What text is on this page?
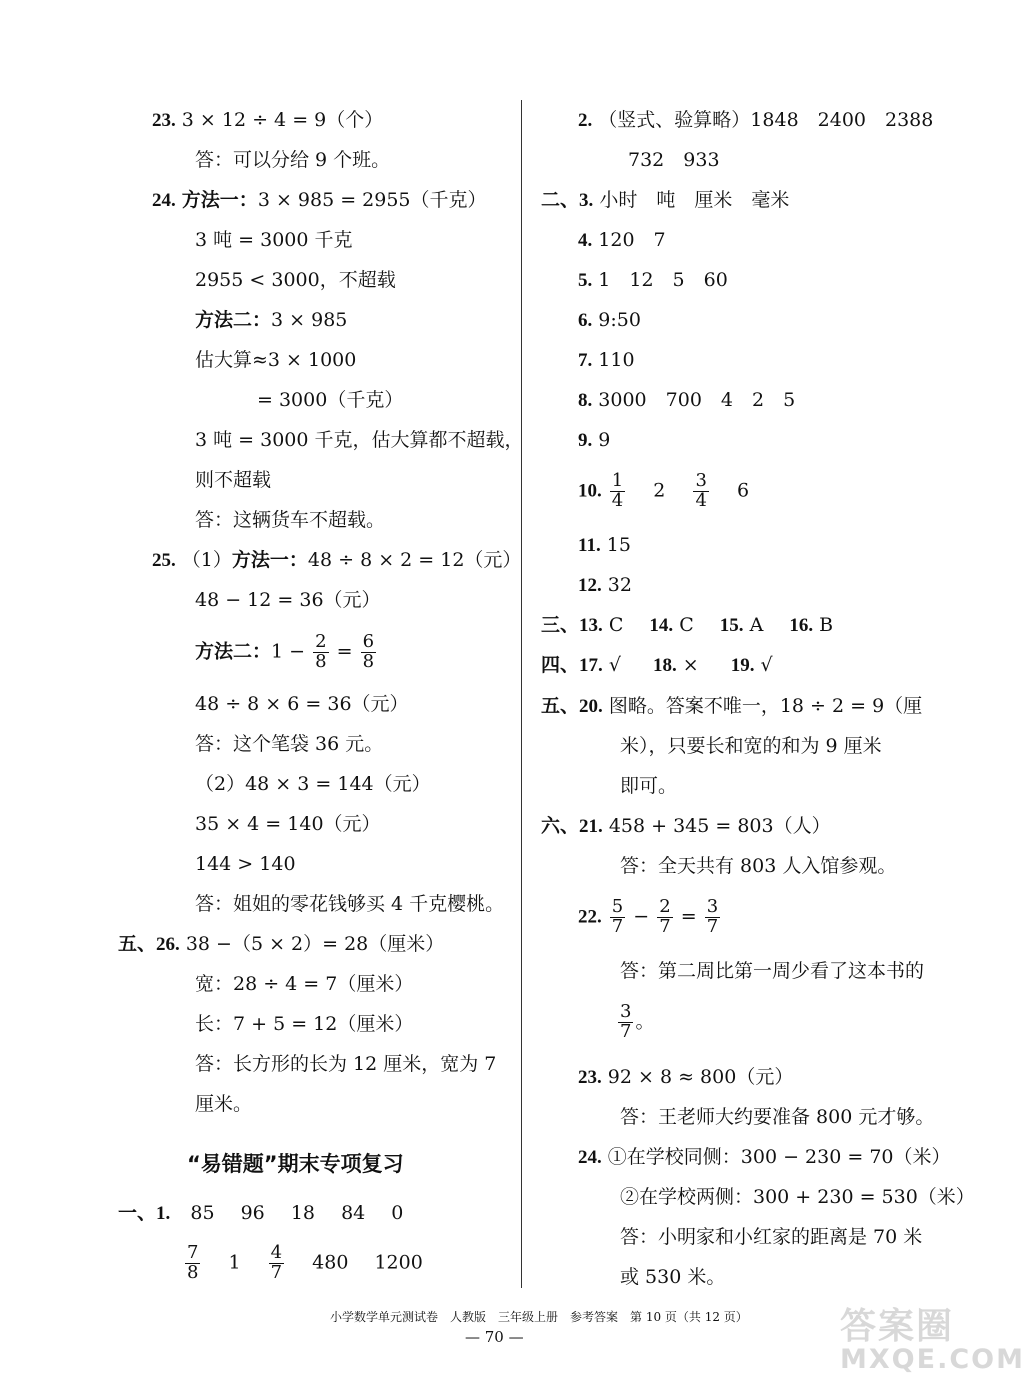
23. 3 × 12 ÷ 4 = 9（个）
答：可以分给 9 个班。
24. 方法一：3 × 985 = 2955（千克）
3 吨 = 3000 千克
2955 < 3000，不超载
方法二：3 × 985
估大算≈3 × 1000
= 3000（千克）
3 吨 = 3000 千克，估大算都不超载，
则不超载
答：这辆货车不超载。
25. （1）方法一：48 ÷ 8 × 2 = 12（元）
48 − 12 = 36（元）
方法二：$1 - \frac{2}{8} = \frac{6}{8}$
48 ÷ 8 × 6 = 36（元）
答：这个笔袋 36 元。
（2）48 × 3 = 144（元）
35 × 4 = 140（元）
144 > 140
答：姐姐的零花钱够买 4 千克樱桃。
五、26. 38 −（5 × 2）= 28（厘米）
宽：28 ÷ 4 = 7（厘米）
长：7 + 5 = 12（厘米）
答：长方形的长为 12 厘米，宽为 7
厘米。
“易错题”期末专项复习
一、1. 85 96 18 84 0
$\frac{7}{8} 1 \frac{4}{7} 480$ 1200
2. （竖式、验算略）1848　2400　2388
732　933
二、3. 小时　吨　厘米　毫米
4. 120　7
5. 1　12　5　60
6. 9:50
7. 110
8. 3000　700　4　2　5
9. 9
10. $\frac{1}{4} 2 \frac{3}{4} 6$
11. 15
12. 32
三、13. C 14. C 15. A 16. B
四、17. √ 18. × 19. √
五、20. 图略。答案不唯一，18 ÷ 2 = 9（厘
米），只要长和宽的和为 9 厘米
即可。
六、21. 458 + 345 = 803（人）
答：全天共有 803 人入馆参观。
22. $\frac{5}{7} - \frac{2}{7} = \frac{3}{7}$
答：第二周比第一周少看了这本书的
$\frac{3}{7}$ 。
23. 92 × 8 ≈ 800（元）
答：王老师大约要准备 800 元才够。
24. ①在学校同侧：300 − 230 = 70（米）
②在学校两侧：300 + 230 = 530（米）
答：小明家和小红家的距离是 70 米
或 530 米。
小学数学单元测试卷　人教版　三年级上册　参考答案　第 10 页（共 12 页）
— 70 —	答案圈
MXQE.COM
